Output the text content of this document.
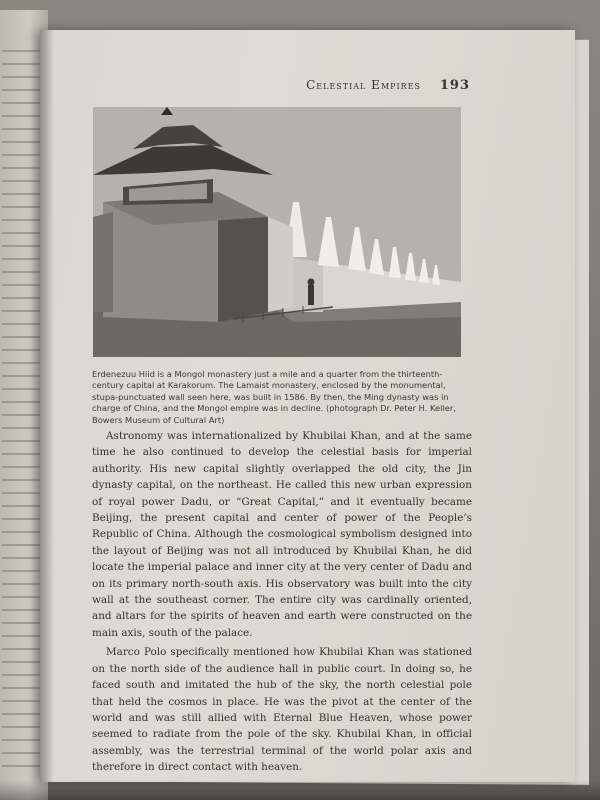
Celestial Empires 193
Erdenezuu Hiid is a Mongol monastery just a mile and a quarter from the thirteenth-century capital at Karakorum. The Lamaist monastery, enclosed by the monumental, stupa-punctuated wall seen here, was built in 1586. By then, the Ming dynasty was in charge of China, and the Mongol empire was in decline. (photograph Dr. Peter H. Keller, Bowers Museum of Cultural Art)

Astronomy was internationalized by Khubilai Khan, and at the same time he also continued to develop the celestial basis for imperial authority. His new capital slightly overlapped the old city, the Jin dynasty capital, on the northeast. He called this new urban expression of royal power Dadu, or “Great Capital,” and it eventually became Beijing, the present capital and center of power of the People’s Republic of China. Although the cosmological symbolism designed into the layout of Beijing was not all introduced by Khubilai Khan, he did locate the imperial palace and inner city at the very center of Dadu and on its primary north-south axis. His observatory was built into the city wall at the southeast corner. The entire city was cardinally oriented, and altars for the spirits of heaven and earth were constructed on the main axis, south of the palace.

Marco Polo specifically mentioned how Khubilai Khan was stationed on the north side of the audience hall in public court. In doing so, he faced south and imitated the hub of the sky, the north celestial pole that held the cosmos in place. He was the pivot at the center of the world and was still allied with Eternal Blue Heaven, whose power seemed to radiate from the pole of the sky. Khubilai Khan, in official assembly, was the terrestrial terminal of the world polar axis and therefore in direct contact with heaven.
